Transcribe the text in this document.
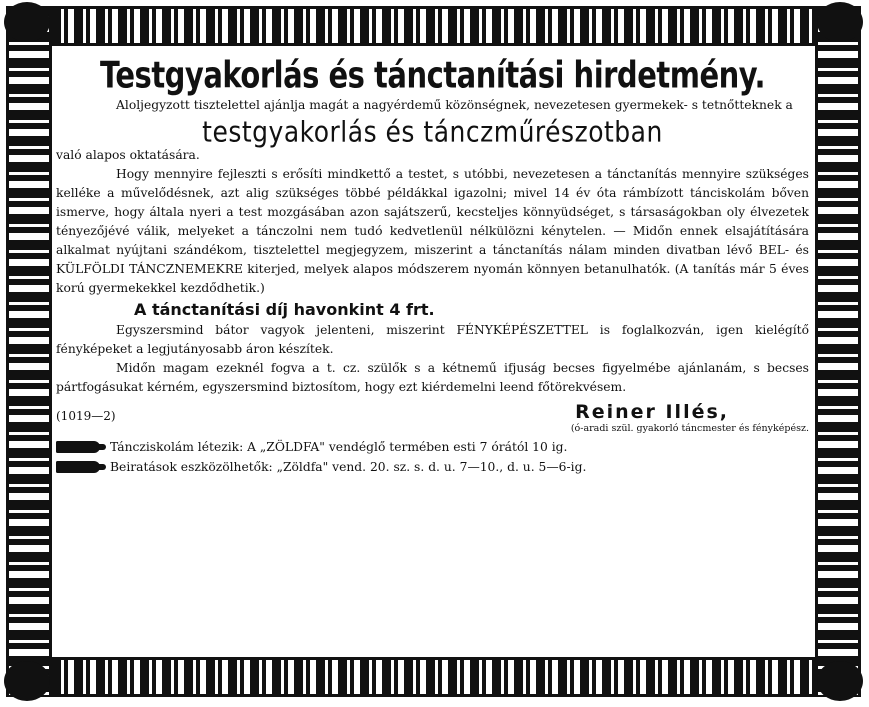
Testgyakorlás és tánctanítási hirdetmény.

Aloljegyzott tisztelettel ajánlja magát a nagyérdemű közönségnek, nevezetesen gyermekek- s tetnőtteknek a

testgyakorlás és tánczműrészotban

való alapos oktatására.

Hogy mennyire fejleszti s erősíti mindkettő a testet, s utóbbi, nevezetesen a tánctanítás mennyire szükséges kelléke a művelődésnek, azt alig szükséges többé példákkal igazolni; mivel 14 év óta rámbízott tánciskolám bőven ismerve, hogy általa nyeri a test mozgásában azon sajátszerű, kecsteljes könnyüdséget, s társaságokban oly élvezetek tényezőjévé válik, melyeket a tánczolni nem tudó kedvetlenül nélkülözni kénytelen. — Midőn ennek elsajátítására alkalmat nyújtani szándékom, tisztelettel megjegyzem, miszerint a tánctanítás nálam minden divatban lévő BEL- és KÜLFÖLDI TÁNCZNEMEKRE kiterjed, melyek alapos módszerem nyomán könnyen betanulhatók. (A tanítás már 5 éves korú gyermekekkel kezdődhetik.)

A tánctanítási díj havonkint 4 frt.

Egyszersmind bátor vagyok jelenteni, miszerint FÉNYKÉPÉSZETTEL is foglalkozván, igen kielégítő fényképeket a legjutányosabb áron készítek.

Midőn magam ezeknél fogva a t. cz. szülők s a kétnemű ifjuság becses figyelmébe ajánlanám, s becses pártfogásukat kérném, egyszersmind biztosítom, hogy ezt kiérdemelni leend főtörekvésem.

(1019—2)	Reiner Illés,

(ó-aradi szül. gyakorló táncmester és fényképész.

Táncziskolám létezik: A „ZÖLDFA" vendéglő termében esti 7 órától 10 ig.
Beiratások eszközölhetők: „Zöldfa" vend. 20. sz. s. d. u. 7—10., d. u. 5—6-ig.
